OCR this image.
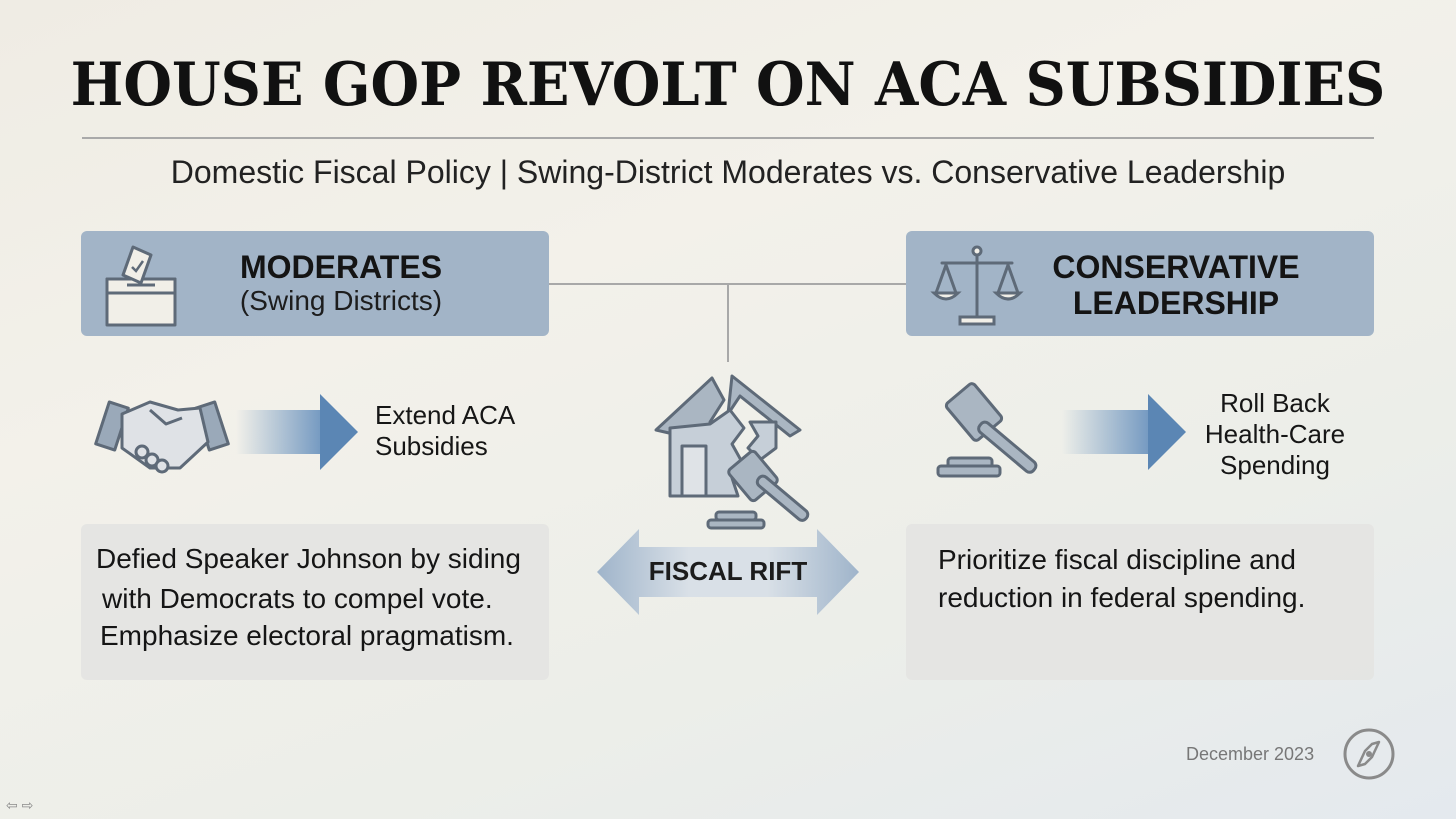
HOUSE GOP REVOLT ON ACA SUBSIDIES
Domestic Fiscal Policy | Swing-District Moderates vs. Conservative Leadership
MODERATES
(Swing Districts)
CONSERVATIVE
LEADERSHIP
Extend ACA
Subsidies
Roll Back
Health-Care
Spending
FISCAL RIFT
Defied Speaker Johnson by siding
with Democrats to compel vote.
Emphasize electoral pragmatism.
Prioritize fiscal discipline and
reduction in federal spending.
December 2023
⇦ ⇨
